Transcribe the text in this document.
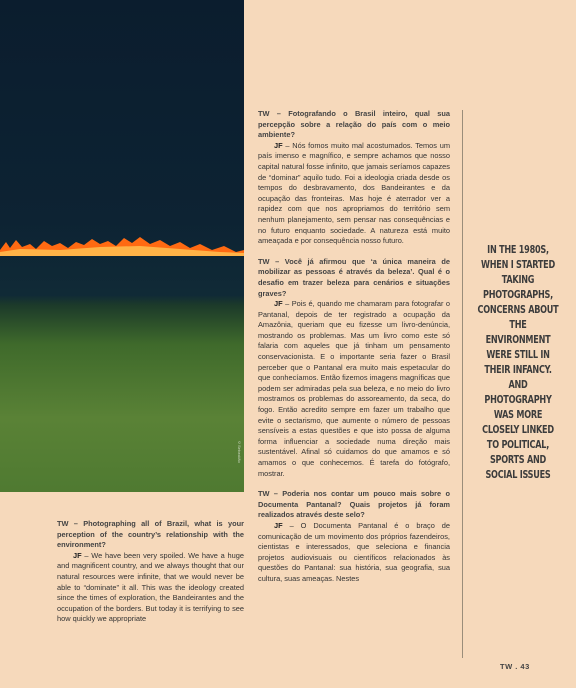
©Sebastião

TW – Fotografando o Brasil inteiro, qual sua percepção sobre a relação do país com o meio ambiente?

JF – Nós fomos muito mal acostumados. Temos um país imenso e magnífico, e sempre achamos que nosso capital natural fosse infinito, que jamais seríamos capazes de “dominar” aquilo tudo. Foi a ideologia criada desde os tempos do desbravamento, dos Bandeirantes e da ocupação das fronteiras. Mas hoje é aterrador ver a rapidez com que nos apropriamos do território sem nenhum planejamento, sem pensar nas consequências e no futuro enquanto sociedade. A natureza está muito ameaçada e por consequência nosso futuro.

TW – Você já afirmou que ‘a única maneira de mobilizar as pessoas é através da beleza’. Qual é o desafio em trazer beleza para cenários e situações graves?

JF – Pois é, quando me chamaram para fotografar o Pantanal, depois de ter registrado a ocupação da Amazônia, queriam que eu fizesse um livro-denúncia, mostrando os problemas. Mas um livro como este só falaria com aqueles que já tinham um pensamento conservacionista. E o importante seria fazer o Brasil perceber que o Pantanal era muito mais espetacular do que conhecíamos. Então fizemos imagens magníficas que podem ser admiradas pela sua beleza, e no meio do livro mostramos os problemas do assoreamento, da seca, do fogo. Então acredito sempre em fazer um trabalho que evite o sectarismo, que aumente o número de pessoas sensíveis a estas questões e que isto possa de alguma forma influenciar a sociedade numa direção mais sustentável. Afinal só cuidamos do que amamos e só amamos o que conhecemos. É tarefa do fotógrafo, mostrar.

TW – Poderia nos contar um pouco mais sobre o Documenta Pantanal? Quais projetos já foram realizados através deste selo?

JF – O Documenta Pantanal é o braço de comunicação de um movimento dos próprios fazendeiros, cientistas e interessados, que seleciona e financia projetos audiovisuais ou científicos relacionados às questões do Pantanal: sua história, sua geografia, sua cultura, suas ameaças. Nestes

TW – Photographing all of Brazil, what is your perception of the country’s relationship with the environment?

JF – We have been very spoiled. We have a huge and magnificent country, and we always thought that our natural resources were infinite, that we would never be able to “dominate” it all. This was the ideology created since the times of exploration, the Bandeirantes and the occupation of the borders. But today it is terrifying to see how quickly we appropriate

IN THE 1980S, WHEN I STARTED TAKING PHOTOGRAPHS, CONCERNS ABOUT THE ENVIRONMENT WERE STILL IN THEIR INFANCY. AND PHOTOGRAPHY WAS MORE CLOSELY LINKED TO POLITICAL, SPORTS AND SOCIAL ISSUES
TW . 43
